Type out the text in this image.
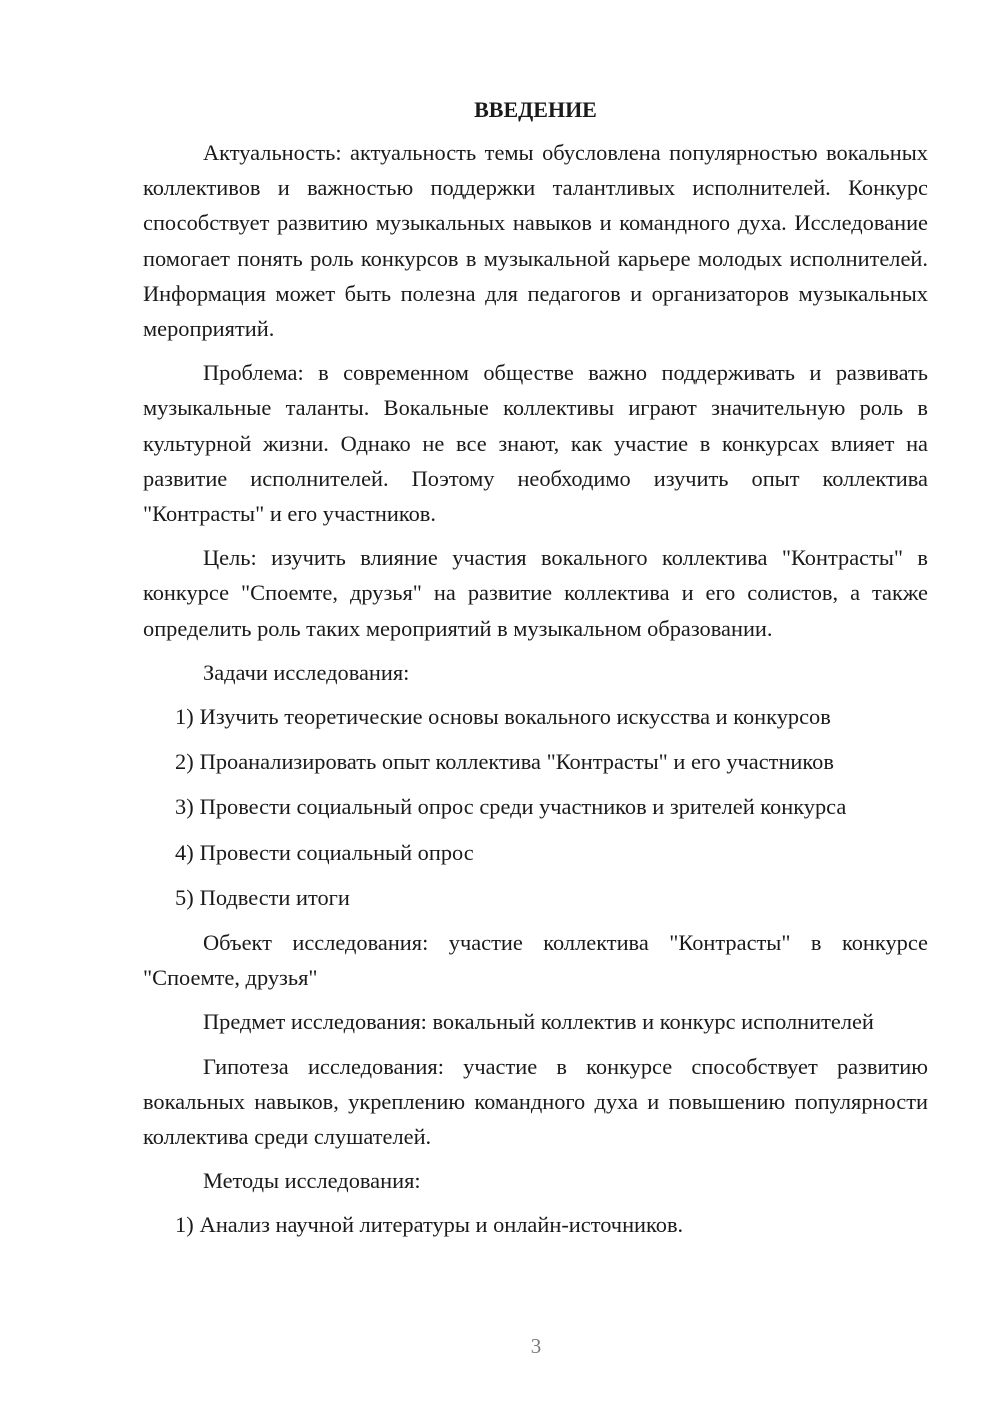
ВВЕДЕНИЕ

Актуальность: актуальность темы обусловлена популярностью вокальных коллективов и важностью поддержки талантливых исполнителей. Конкурс способствует развитию музыкальных навыков и командного духа. Исследование помогает понять роль конкурсов в музыкальной карьере молодых исполнителей. Информация может быть полезна для педагогов и организаторов музыкальных мероприятий.

Проблема: в современном обществе важно поддерживать и развивать музыкальные таланты. Вокальные коллективы играют значительную роль в культурной жизни. Однако не все знают, как участие в конкурсах влияет на развитие исполнителей. Поэтому необходимо изучить опыт коллектива "Контрасты" и его участников.

Цель: изучить влияние участия вокального коллектива "Контрасты" в конкурсе "Споемте, друзья" на развитие коллектива и его солистов, а также определить роль таких мероприятий в музыкальном образовании.

Задачи исследования:

1) Изучить теоретические основы вокального искусства и конкурсов
2) Проанализировать опыт коллектива "Контрасты" и его участников
3) Провести социальный опрос среди участников и зрителей конкурса
4) Провести социальный опрос
5) Подвести итоги

Объект исследования: участие коллектива "Контрасты" в конкурсе "Споемте, друзья"

Предмет исследования: вокальный коллектив и конкурс исполнителей

Гипотеза исследования: участие в конкурсе способствует развитию вокальных навыков, укреплению командного духа и повышению популярности коллектива среди слушателей.

Методы исследования:

1) Анализ научной литературы и онлайн-источников.
3
